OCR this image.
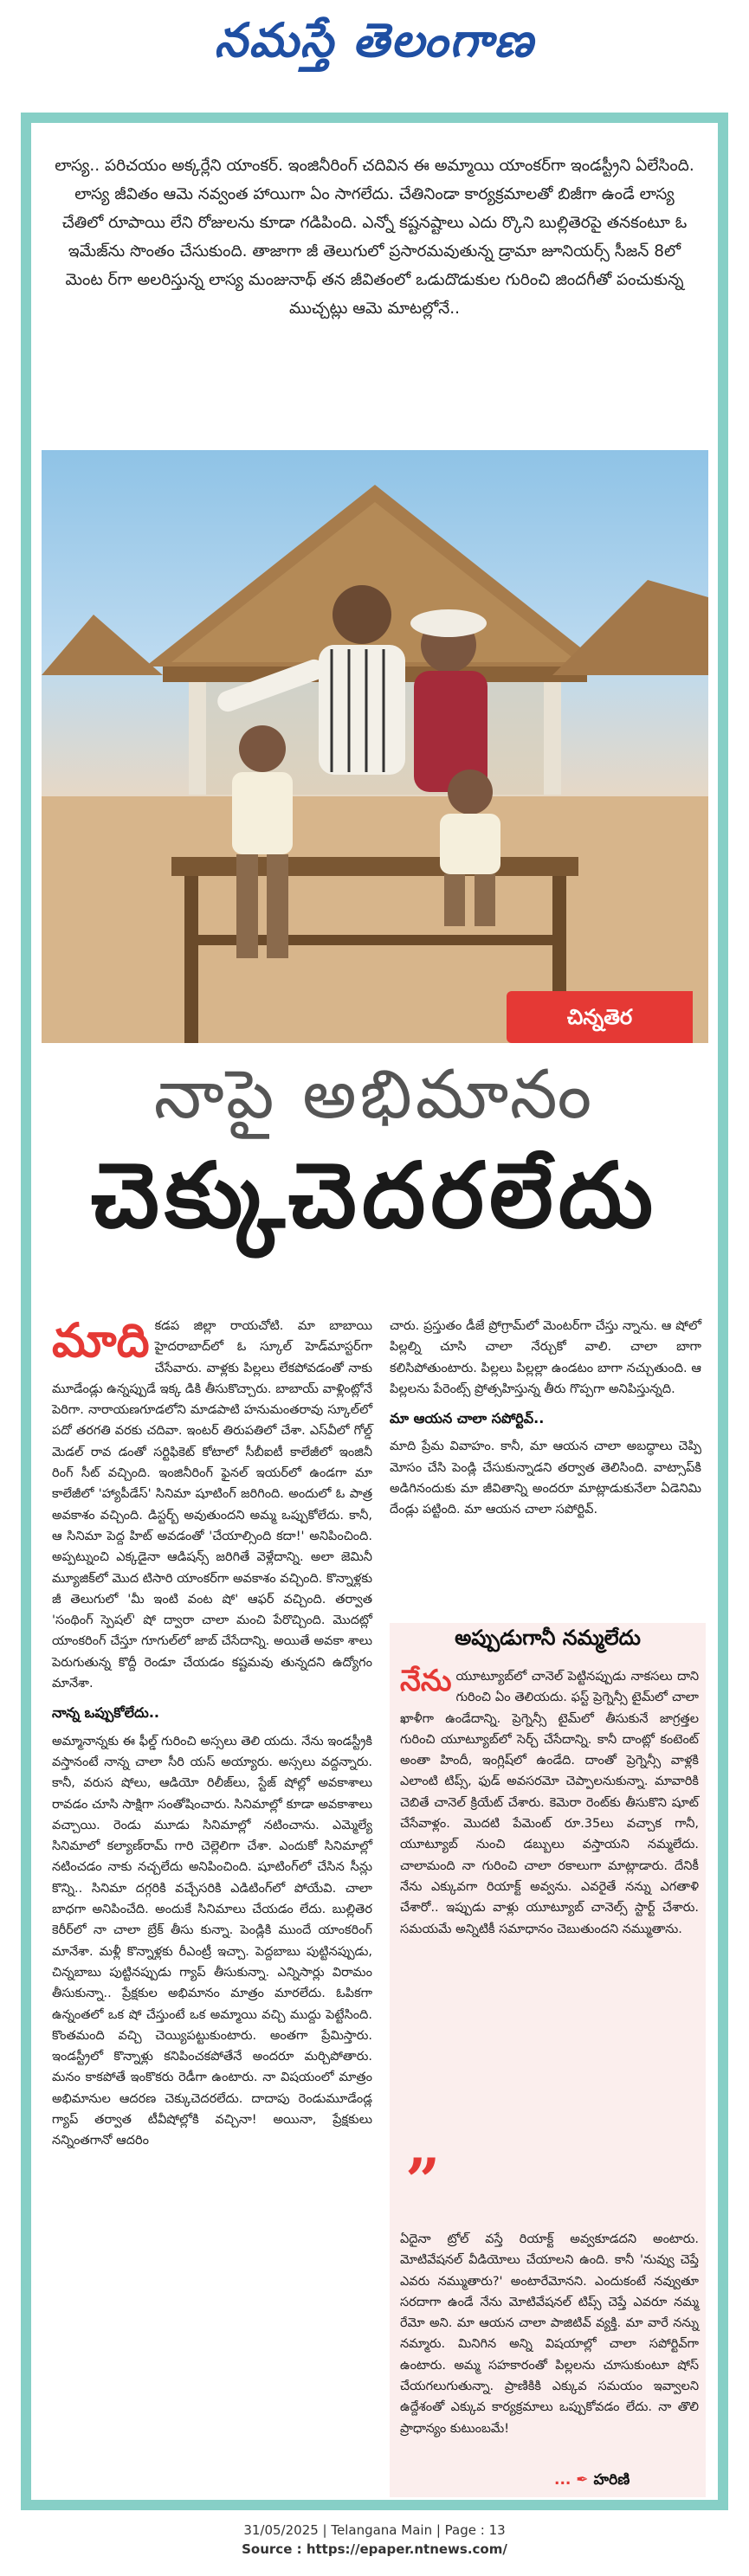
నమస్తే తెలంగాణ

లాస్య.. పరిచయం అక్కర్లేని యాంకర్. ఇంజినీరింగ్ చదివిన ఈ అమ్మాయి యాంకర్‌గా ఇండస్ట్రీని ఏలేసింది. లాస్య జీవితం ఆమె నవ్వంత హాయిగా ఏం సాగలేదు. చేతినిండా కార్యక్రమాలతో బిజీగా ఉండే లాస్య చేతిలో రూపాయి లేని రోజులను కూడా గడిపింది. ఎన్నో కష్టనష్టాలు ఎదు ర్కొని బుల్లితెరపై తనకంటూ ఓ ఇమేజ్‌ను సొంతం చేసుకుంది. తాజాగా జీ తెలుగులో ప్రసారమవుతున్న డ్రామా జూనియర్స్ సీజన్ 8లో మెంట ర్‌గా అలరిస్తున్న లాస్య మంజునాథ్ తన జీవితంలో ఒడుదొడుకుల గురించి జిందగీతో పంచుకున్న ముచ్చట్లు ఆమె మాటల్లోనే..

చిన్నతెర
నాపై అభిమానం
చెక్కుచెదరలేదు
మాది కడప జిల్లా రాయచోటి. మా బాబాయి హైదరాబాద్‌లో ఓ స్కూల్ హెడ్‌మాస్టర్‌గా చేసేవారు. వాళ్లకు పిల్లలు లేకపోవడంతో నాకు మూడేండ్లు ఉన్నప్పుడే ఇక్క డికి తీసుకొచ్చారు. బాబాయ్ వాళ్లింట్లోనే పెరిగా. నారాయణగూడలోని మాడపాటి హనుమంతరావు స్కూల్‌లో పదో తరగతి వరకు చదివా. ఇంటర్ తిరుపతిలో చేశా. ఎస్‌వీలో గోల్డ్ మెడల్ రావ డంతో సర్టిఫికెట్ కోటాలో సీబీఐటీ కాలేజీలో ఇంజినీ రింగ్ సీట్ వచ్చింది. ఇంజినీరింగ్ ఫైనల్ ఇయర్‌లో ఉండగా మా కాలేజీలో 'హ్యాపీడేస్' సినిమా షూటింగ్ జరిగింది. అందులో ఓ పాత్ర అవకాశం వచ్చింది. డిస్టర్బ్ అవుతుందని అమ్మ ఒప్పుకోలేదు. కానీ, ఆ సినిమా పెద్ద హిట్ అవడంతో 'చేయాల్సింది కదా!' అనిపించింది. అప్పట్నుంచి ఎక్కడైనా ఆడిషన్స్ జరిగితే వెళ్లేదాన్ని. అలా జెమినీ మ్యూజిక్‌లో మొద టిసారి యాంకర్‌గా అవకాశం వచ్చింది. కొన్నాళ్లకు జీ తెలుగులో 'మీ ఇంటి వంట షో' ఆఫర్ వచ్చింది. తర్వాత 'సంథింగ్ స్పెషల్' షో ద్వారా చాలా మంచి పేరొచ్చింది. మొదట్లో యాంకరింగ్ చేస్తూ గూగుల్‌లో జాబ్ చేసేదాన్ని. అయితే అవకా శాలు పెరుగుతున్న కొద్దీ రెండూ చేయడం కష్టమవు తున్నదని ఉద్యోగం మానేశా.
నాన్న ఒప్పుకోలేదు..
అమ్మానాన్నకు ఈ ఫీల్డ్ గురించి అస్సలు తెలి యదు. నేను ఇండస్ట్రీకి వస్తానంటే నాన్న చాలా సీరి యస్ అయ్యారు. అస్సలు వద్దన్నారు. కానీ, వరుస షోలు, ఆడియో రిలీజ్‌లు, స్టేజ్ షోల్లో అవకాశాలు రావడం చూసి సాక్షిగా సంతోషించారు. సినిమాల్లో కూడా అవకాశాలు వచ్చాయి. రెండు మూడు సినిమాల్లో నటించాను. ఎమ్మెల్యే సినిమాలో కల్యాణ్‌రామ్ గారి చెల్లెలిగా చేశా. ఎందుకో సినిమాల్లో నటించడం నాకు నచ్చలేదు అనిపించింది. షూటింగ్‌లో చేసిన సీన్లు కొన్ని.. సినిమా దగ్గరికి వచ్చేసరికి ఎడిటింగ్‌లో పోయేవి. చాలా బాధగా అనిపించేది. అందుకే సినిమాలు చేయడం లేదు. బుల్లితెర కెరీర్‌లో నా చాలా బ్రేక్ తీసు కున్నా. పెండ్లికి ముందే యాంకరింగ్ మానేశా. మళ్లీ కొన్నాళ్లకు రీఎంట్రీ ఇచ్చా. పెద్దబాబు పుట్టినప్పుడు, చిన్నబాబు పుట్టినప్పుడు గ్యాప్ తీసుకున్నా. ఎన్నిసార్లు విరామం తీసుకున్నా.. ప్రేక్షకుల అభిమానం మాత్రం మారలేదు. ఓపికగా ఉన్నంతలో ఒక షో చేస్తుంటే ఒక అమ్మాయి వచ్చి ముద్దు పెట్టేసింది. కొంతమంది వచ్చి చెయ్యిపట్టుకుంటారు. అంతగా ప్రేమిస్తారు. ఇండస్ట్రీలో కొన్నాళ్లు కనిపించకపోతేనే అందరూ మర్చిపోతారు. మనం కాకపోతే ఇంకొకరు రెడీగా ఉంటారు. నా విషయంలో మాత్రం అభిమానుల ఆదరణ చెక్కుచెదరలేదు. దాదాపు రెండుమూడేండ్ల గ్యాప్ తర్వాత టీవీషోల్లోకి వచ్చినా! అయినా, ప్రేక్షకులు నన్నింతగానో ఆదరిం
చారు. ప్రస్తుతం డీజే ప్రోగ్రామ్‌లో మెంటర్‌గా చేస్తు న్నాను. ఆ షోలో పిల్లల్ని చూసి చాలా నేర్చుకో వాలి. చాలా బాగా కలిసిపోతుంటారు. పిల్లలు పిల్లల్లా ఉండటం బాగా నచ్చుతుంది. ఆ పిల్లలను పేరెంట్స్ ప్రోత్సహిస్తున్న తీరు గొప్పగా అనిపిస్తున్నది.
మా ఆయన చాలా సపోర్టివ్..
మాది ప్రేమ వివాహం. కానీ, మా ఆయన చాలా అబద్ధాలు చెప్పి మోసం చేసి పెండ్లి చేసుకున్నాడని తర్వాత తెలిసింది. వాట్సాప్‌కి అడిగినందుకు మా జీవితాన్ని అందరూ మాట్లాడుకునేలా ఏడెనిమి దేండ్లు పట్టింది. మా ఆయన చాలా సపోర్టివ్.
అప్పుడుగానీ నమ్మలేదు
నేను యూట్యూబ్‌లో చానెల్ పెట్టినప్పుడు నాకసలు దాని గురించి ఏం తెలియదు. ఫస్ట్ ప్రెగ్నెన్సీ టైమ్‌లో చాలా ఖాళీగా ఉండేదాన్ని. ప్రెగ్నెన్సీ టైమ్‌లో తీసుకునే జాగ్రత్తల గురించి యూట్యూబ్‌లో సెర్చ్ చేసేదాన్ని. కానీ దాంట్లో కంటెంట్ అంతా హిందీ, ఇంగ్లిష్‌లో ఉండేది. దాంతో ప్రెగ్నెన్సీ వాళ్లకి ఎలాంటి టిప్స్, ఫుడ్ అవసరమో చెప్పాలనుకున్నా. మావారికి చెబితే చానెల్ క్రియేట్ చేశారు. కెమెరా రెంట్‌కు తీసుకొని షూట్ చేసేవాళ్లం. మొదటి పేమెంట్ రూ.35లు వచ్చాక గానీ, యూట్యూబ్ నుంచి డబ్బులు వస్తాయని నమ్మలేదు. చాలామంది నా గురించి చాలా రకాలుగా మాట్లాడారు. దేనికీ నేను ఎక్కువగా రియాక్ట్ అవ్వను. ఎవరైతే నన్ను ఎగతాళి చేశారో.. ఇప్పుడు వాళ్లు యూట్యూబ్ చానెల్స్ స్టార్ట్ చేశారు. సమయమే అన్నిటికీ సమాధానం చెబుతుందని నమ్ముతాను.
”
ఏదైనా ట్రోల్ వస్తే రియాక్ట్ అవ్వకూడదని అంటారు. మోటివేషనల్ వీడియోలు చేయాలని ఉంది. కానీ 'నువ్వు చెప్తే ఎవరు నమ్ముతారు?' అంటారేమోనని. ఎందుకంటే నవ్వుతూ సరదాగా ఉండే నేను మోటివేషనల్ టిప్స్ చెప్తే ఎవరూ నమ్మ రేమో అని. మా ఆయన చాలా పాజిటివ్ వ్యక్తి. మా వారే నన్ను నమ్మారు. మినిగిన అన్ని విషయాల్లో చాలా సపోర్టివ్‌గా ఉంటారు. అమ్మ సహకారంతో పిల్లలను చూసుకుంటూ షోస్ చేయగలుగుతున్నా. ప్రాణికికి ఎక్కువ సమయం ఇవ్వాలని ఉద్దేశంతో ఎక్కువ కార్యక్రమాలు ఒప్పుకోవడం లేదు. నా తొలి ప్రాధాన్యం కుటుంబమే!
... ✒ హరిణి
31/05/2025 | Telangana Main | Page : 13
Source : https://epaper.ntnews.com/
